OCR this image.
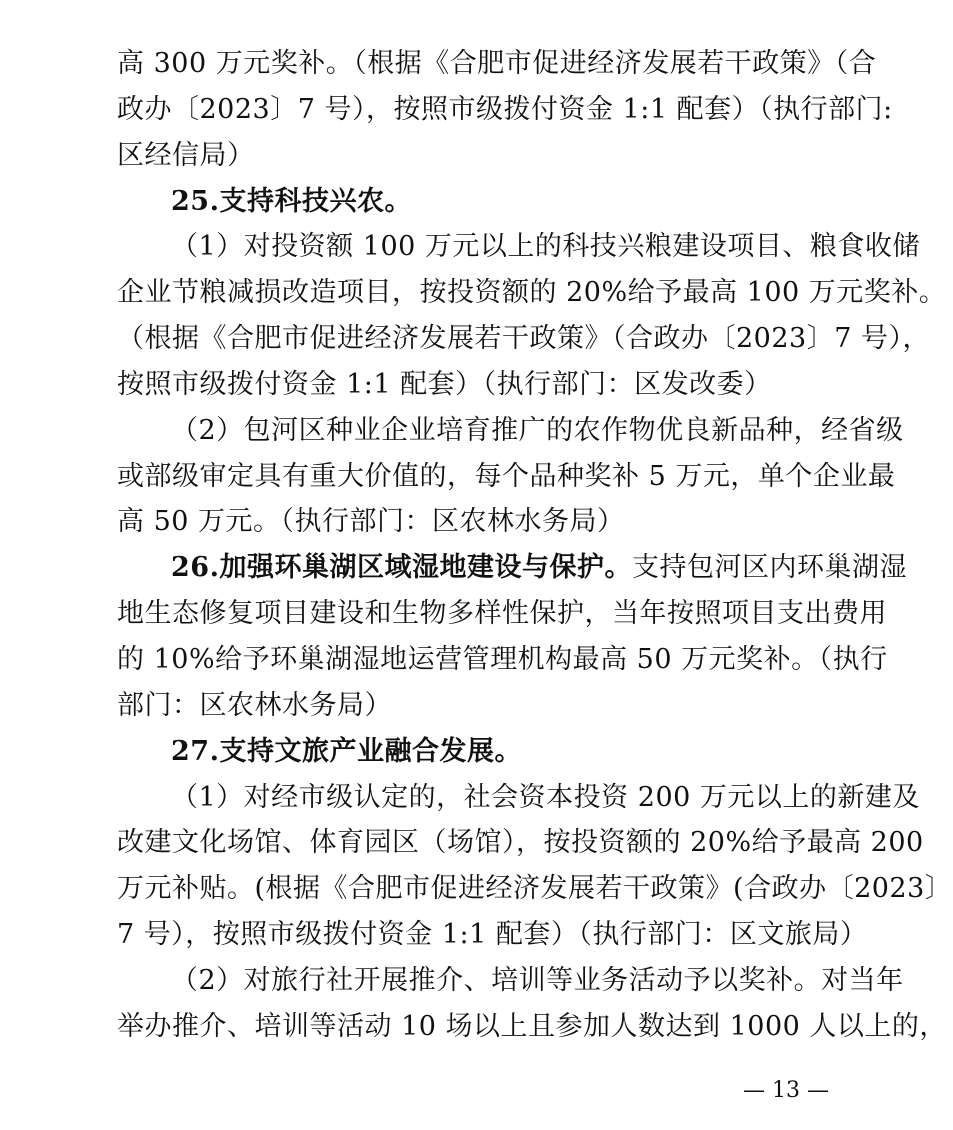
高 300 万元奖补。（根据《合肥市促进经济发展若干政策》（合
政办〔2023〕7 号），按照市级拨付资金 1:1 配套）（执行部门:
区经信局）
25.支持科技兴农。
（1）对投资额 100 万元以上的科技兴粮建设项目、粮食收储
企业节粮减损改造项目，按投资额的 20%给予最高 100 万元奖补。
（根据《合肥市促进经济发展若干政策》（合政办〔2023〕7 号），
按照市级拨付资金 1:1 配套）（执行部门：区发改委）
（2）包河区种业企业培育推广的农作物优良新品种，经省级
或部级审定具有重大价值的，每个品种奖补 5 万元，单个企业最
高 50 万元。（执行部门：区农林水务局）
26.加强环巢湖区域湿地建设与保护。支持包河区内环巢湖湿
地生态修复项目建设和生物多样性保护，当年按照项目支出费用
的 10%给予环巢湖湿地运营管理机构最高 50 万元奖补。（执行
部门：区农林水务局）
27.支持文旅产业融合发展。
（1）对经市级认定的，社会资本投资 200 万元以上的新建及
改建文化场馆、体育园区（场馆），按投资额的 20%给予最高 200
万元补贴。(根据《合肥市促进经济发展若干政策》(合政办〔2023〕
7 号），按照市级拨付资金 1:1 配套）（执行部门：区文旅局）
（2）对旅行社开展推介、培训等业务活动予以奖补。对当年
举办推介、培训等活动 10 场以上且参加人数达到 1000 人以上的，
— 13 —
